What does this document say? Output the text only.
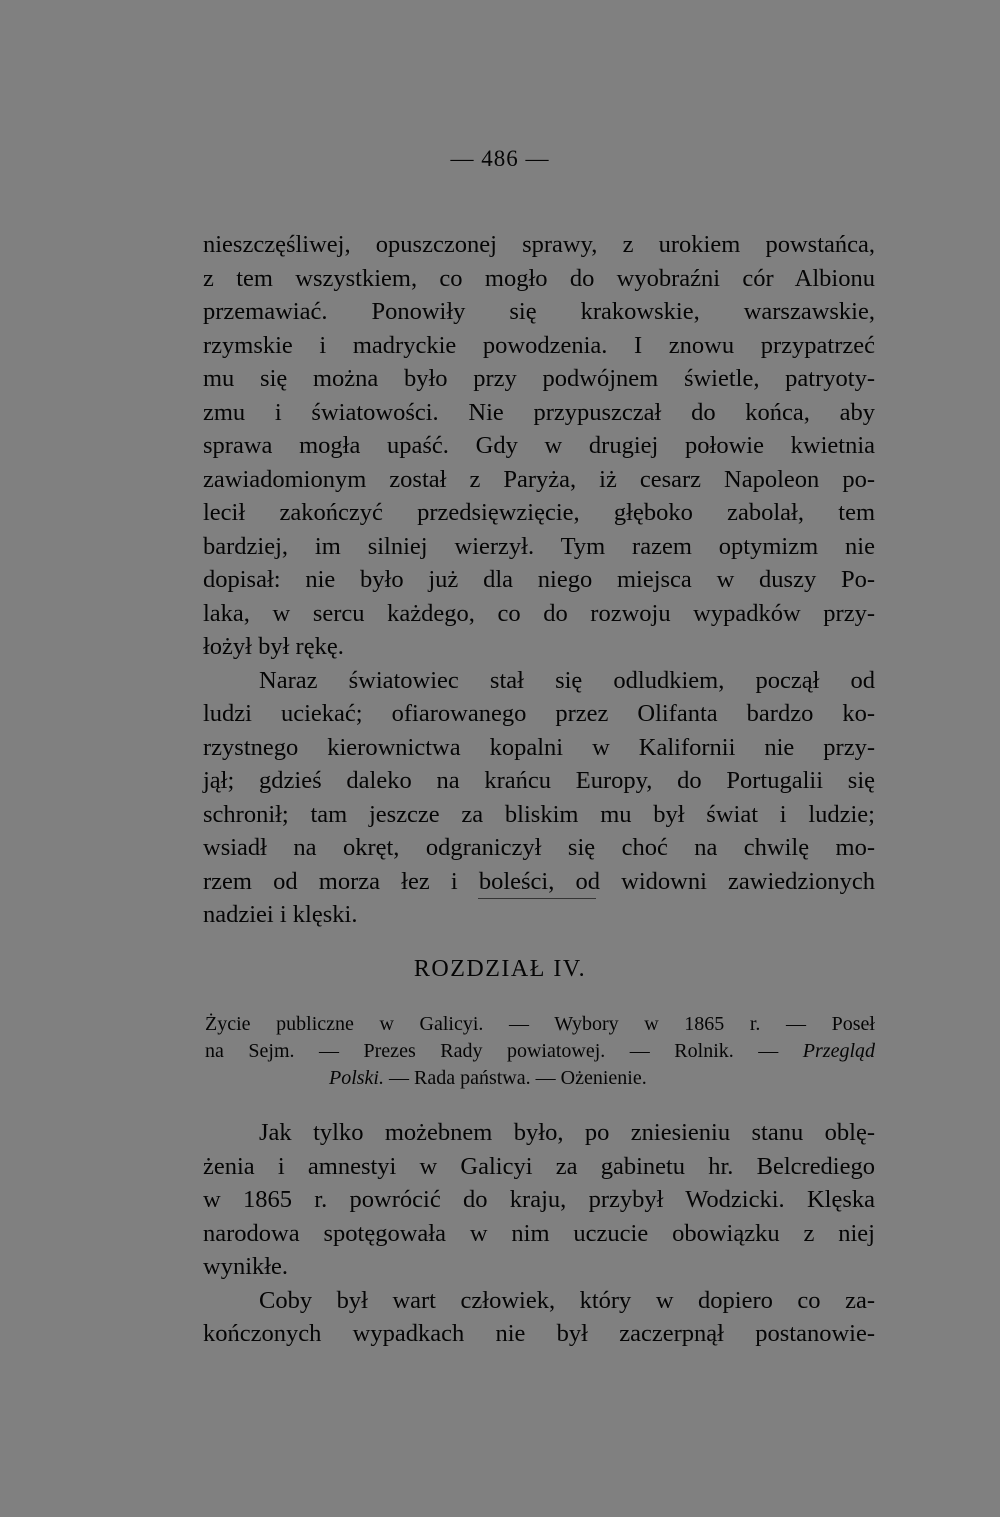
— 486 —
nieszczęśliwej, opuszczonej sprawy, z urokiem powstańca,
z tem wszystkiem, co mogło do wyobraźni cór Albionu
przemawiać. Ponowiły się krakowskie, warszawskie,
rzymskie i madryckie powodzenia. I znowu przypatrzeć
mu się można było przy podwójnem świetle, patryoty-
zmu i światowości. Nie przypuszczał do końca, aby
sprawa mogła upaść. Gdy w drugiej połowie kwietnia
zawiadomionym został z Paryża, iż cesarz Napoleon po-
lecił zakończyć przedsięwzięcie, głęboko zabolał, tem
bardziej, im silniej wierzył. Tym razem optymizm nie
dopisał: nie było już dla niego miejsca w duszy Po-
laka, w sercu każdego, co do rozwoju wypadków przy-
łożył był rękę.
Naraz światowiec stał się odludkiem, począł od
ludzi uciekać; ofiarowanego przez Olifanta bardzo ko-
rzystnego kierownictwa kopalni w Kalifornii nie przy-
jął; gdzieś daleko na krańcu Europy, do Portugalii się
schronił; tam jeszcze za bliskim mu był świat i ludzie;
wsiadł na okręt, odgraniczył się choć na chwilę mo-
rzem od morza łez i boleści, od widowni zawiedzionych
nadziei i klęski.
ROZDZIAŁ IV.
Życie publiczne w Galicyi. — Wybory w 1865 r. — Poseł
na Sejm. — Prezes Rady powiatowej. — Rolnik. — Przegląd
Polski. — Rada państwa. — Ożenienie.
Jak tylko możebnem było, po zniesieniu stanu oblę-
żenia i amnestyi w Galicyi za gabinetu hr. Belcrediego
w 1865 r. powrócić do kraju, przybył Wodzicki. Klęska
narodowa spotęgowała w nim uczucie obowiązku z niej
wynikłe.
Coby był wart człowiek, który w dopiero co za-
kończonych wypadkach nie był zaczerpnął postanowie-
